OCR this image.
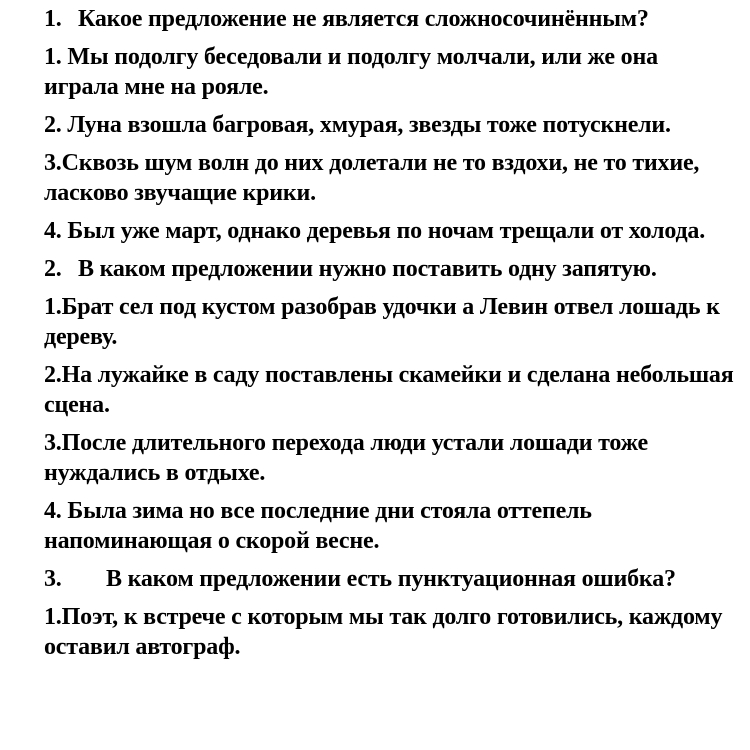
1. Какое предложение не является сложносочинённым?

1. Мы подолгу беседовали и подолгу молчали, или же она играла мне на рояле.

2. Луна взошла багровая, хмурая, звезды тоже потускнели.

3.Сквозь шум волн до них долетали не то вздохи, не то тихие, ласково звучащие крики.

4. Был уже март, однако деревья по ночам трещали от холода.

2. В каком предложении нужно поставить одну запятую.

1.Брат сел под кустом разобрав удочки а Левин отвел лошадь к дереву.

2.На лужайке в саду поставлены скамейки и сделана небольшая сцена.

3.После длительного перехода люди устали лошади тоже нуждались в отдыхе.

4. Была зима но все последние дни стояла оттепель напоминающая о скорой весне.

3. В каком предложении есть пунктуационная ошибка?

1.Поэт, к встрече с которым мы так долго готовились, каждому оставил автограф.
